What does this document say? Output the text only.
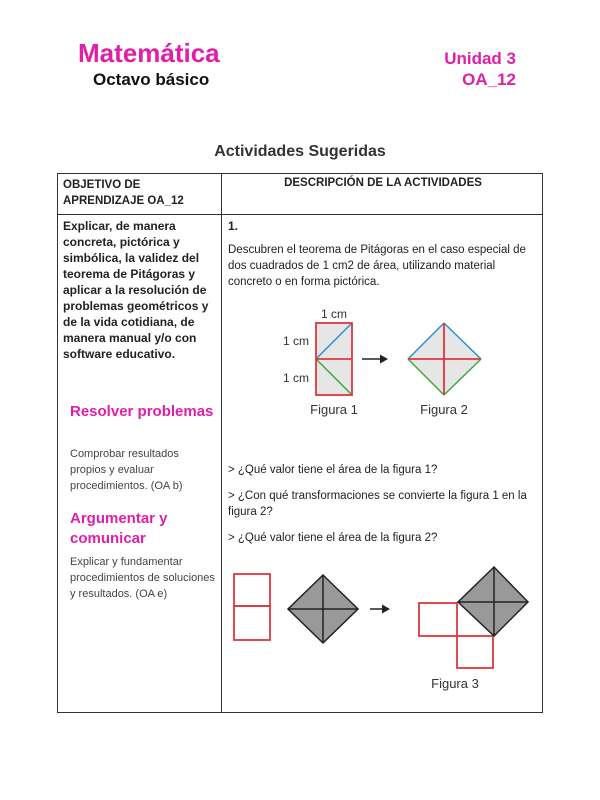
Matemática
Octavo básico
Unidad 3
OA_12
Actividades Sugeridas
OBJETIVO DE APRENDIZAJE OA_12
DESCRIPCIÓN DE LA ACTIVIDADES
Explicar, de manera concreta, pictórica y simbólica, la validez del teorema de Pitágoras y aplicar a la resolución de problemas geométricos y de la vida cotidiana, de manera manual y/o con software educativo.
Resolver problemas
Comprobar resultados propios y evaluar procedimientos. (OA b)
Argumentar y comunicar
Explicar y fundamentar procedimientos de soluciones y resultados. (OA e)
1.
Descubren el teorema de Pitágoras en el caso especial de dos cuadrados de 1 cm2 de área, utilizando material concreto o en forma pictórica.
> ¿Qué valor tiene el área de la figura 1?
> ¿Con qué transformaciones se convierte la figura 1 en la figura 2?
> ¿Qué valor tiene el área de la figura 2?
1 cm
1 cm
1 cm
Figura 1	Figura 2
Figura 3
